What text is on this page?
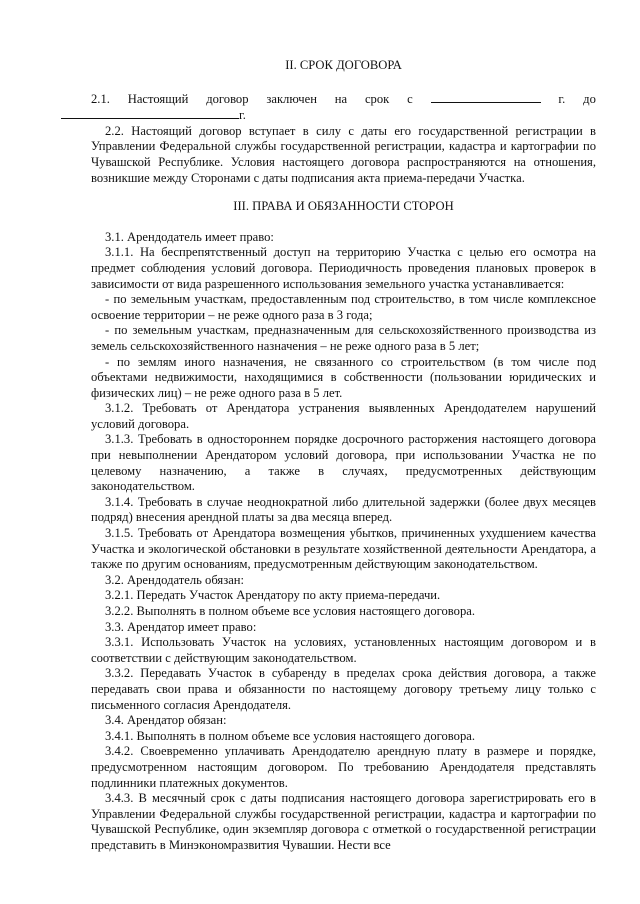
II. СРОК ДОГОВОРА
2.1. Настоящий договор заключен на срок с	г. до
г.

2.2. Настоящий договор вступает в силу с даты его государственной регистрации в Управлении Федеральной службы государственной регистрации, кадастра и картографии по Чувашской Республике. Условия настоящего договора распространяются на отношения, возникшие между Сторонами с даты подписания акта приема-передачи Участка.

III. ПРАВА И ОБЯЗАННОСТИ СТОРОН

3.1. Арендодатель имеет право:

3.1.1. На беспрепятственный доступ на территорию Участка с целью его осмотра на предмет соблюдения условий договора. Периодичность проведения плановых проверок в зависимости от вида разрешенного использования земельного участка устанавливается:

- по земельным участкам, предоставленным под строительство, в том числе комплексное освоение территории – не реже одного раза в 3 года;

- по земельным участкам, предназначенным для сельскохозяйственного производства из земель сельскохозяйственного назначения – не реже одного раза в 5 лет;

- по землям иного назначения, не связанного со строительством (в том числе под объектами недвижимости, находящимися в собственности (пользовании юридических и физических лиц) – не реже одного раза в 5 лет.

3.1.2. Требовать от Арендатора устранения выявленных Арендодателем нарушений условий договора.

3.1.3. Требовать в одностороннем порядке досрочного расторжения настоящего договора при невыполнении Арендатором условий договора, при использовании Участка не по целевому назначению, а также в случаях, предусмотренных действующим законодательством.

3.1.4. Требовать в случае неоднократной либо длительной задержки (более двух месяцев подряд) внесения арендной платы за два месяца вперед.

3.1.5. Требовать от Арендатора возмещения убытков, причиненных ухудшением качества Участка и экологической обстановки в результате хозяйственной деятельности Арендатора, а также по другим основаниям, предусмотренным действующим законодательством.

3.2. Арендодатель обязан:

3.2.1. Передать Участок Арендатору по акту приема-передачи.

3.2.2. Выполнять в полном объеме все условия настоящего договора.

3.3. Арендатор имеет право:

3.3.1. Использовать Участок на условиях, установленных настоящим договором и в соответствии с действующим законодательством.

3.3.2. Передавать Участок в субаренду в пределах срока действия договора, а также передавать свои права и обязанности по настоящему договору третьему лицу только с письменного согласия Арендодателя.

3.4. Арендатор обязан:

3.4.1. Выполнять в полном объеме все условия настоящего договора.

3.4.2. Своевременно уплачивать Арендодателю арендную плату в размере и порядке, предусмотренном настоящим договором. По требованию Арендодателя представлять подлинники платежных документов.

3.4.3. В месячный срок с даты подписания настоящего договора зарегистрировать его в Управлении Федеральной службы государственной регистрации, кадастра и картографии по Чувашской Республике, один экземпляр договора с отметкой о государственной регистрации представить в Минэкономразвития Чувашии. Нести все
